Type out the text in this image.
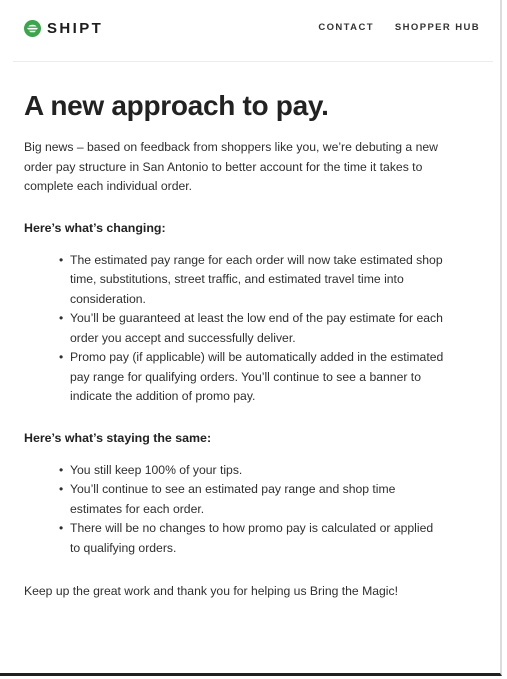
SHIPT	CONTACT SHOPPER HUB
A new approach to pay.

Big news – based on feedback from shoppers like you, we’re debuting a new order pay structure in San Antonio to better account for the time it takes to complete each individual order.

Here’s what’s changing:

• The estimated pay range for each order will now take estimated shop time, substitutions, street traffic, and estimated travel time into consideration.
• You’ll be guaranteed at least the low end of the pay estimate for each order you accept and successfully deliver.
• Promo pay (if applicable) will be automatically added in the estimated pay range for qualifying orders. You’ll continue to see a banner to indicate the addition of promo pay.

Here’s what’s staying the same:

• You still keep 100% of your tips.
• You’ll continue to see an estimated pay range and shop time estimates for each order.
• There will be no changes to how promo pay is calculated or applied to qualifying orders.

Keep up the great work and thank you for helping us Bring the Magic!
